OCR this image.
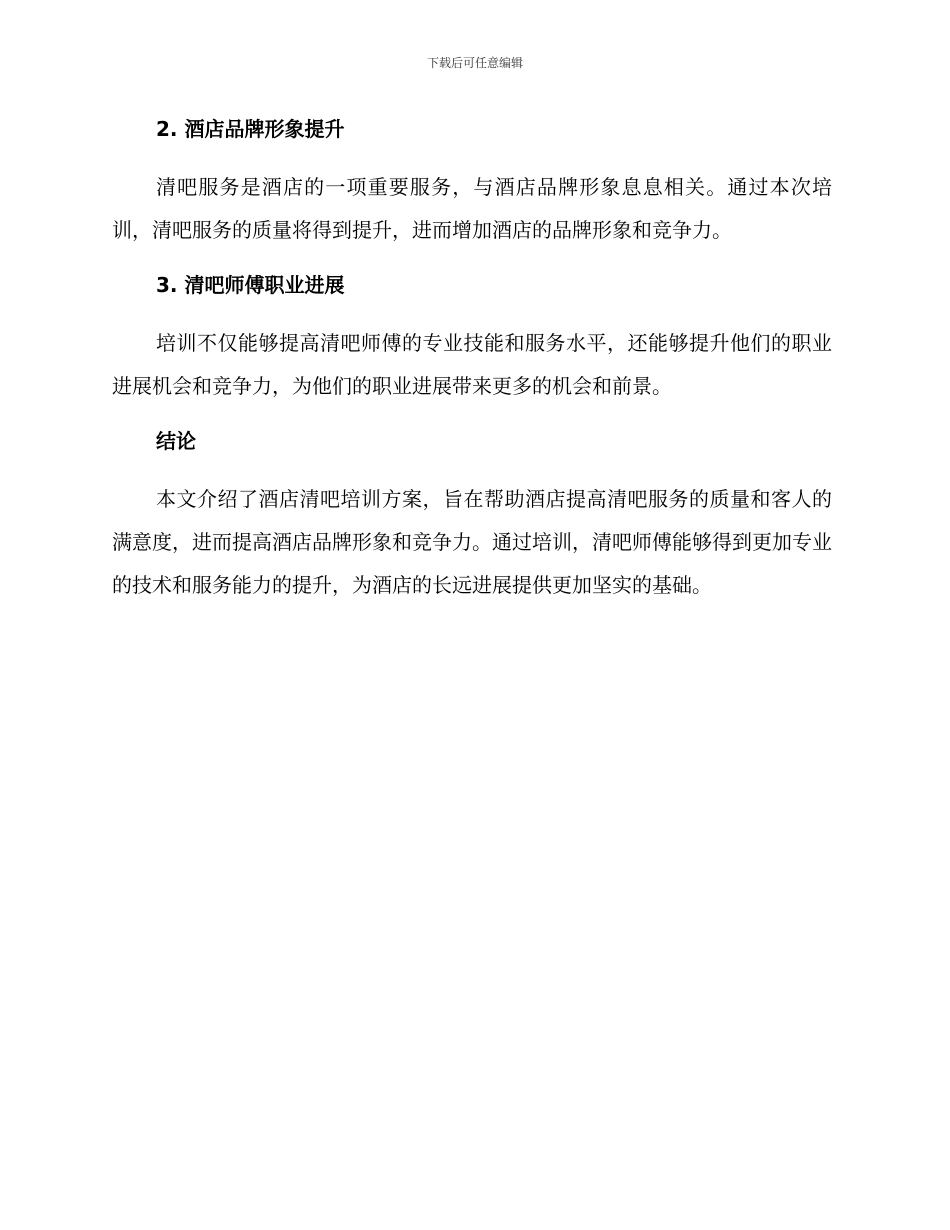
下载后可任意编辑
2. 酒店品牌形象提升

清吧服务是酒店的一项重要服务，与酒店品牌形象息息相关。通过本次培训，清吧服务的质量将得到提升，进而增加酒店的品牌形象和竞争力。

3. 清吧师傅职业进展

培训不仅能够提高清吧师傅的专业技能和服务水平，还能够提升他们的职业进展机会和竞争力，为他们的职业进展带来更多的机会和前景。

结论

本文介绍了酒店清吧培训方案，旨在帮助酒店提高清吧服务的质量和客人的满意度，进而提高酒店品牌形象和竞争力。通过培训，清吧师傅能够得到更加专业的技术和服务能力的提升，为酒店的长远进展提供更加坚实的基础。
